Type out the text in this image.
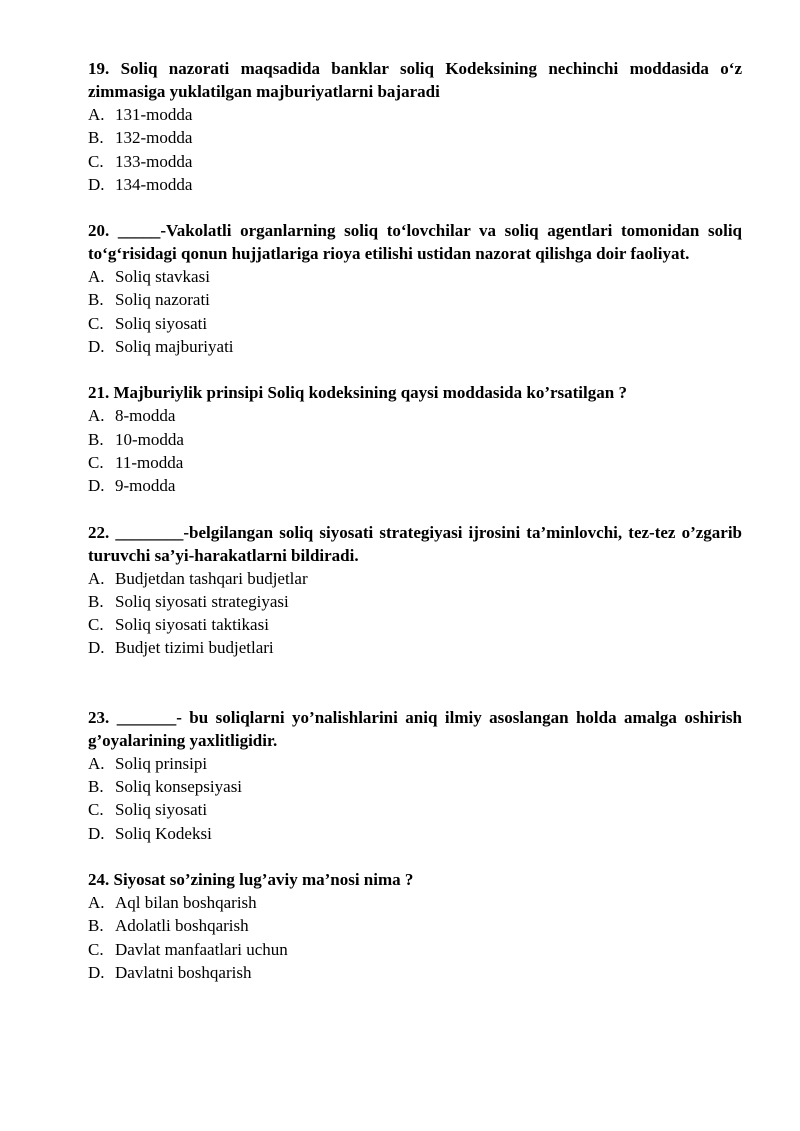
19. Soliq nazorati maqsadida banklar soliq Kodeksining nechinchi moddasida o‘z zimmasiga yuklatilgan majburiyatlarni bajaradi

A. 131-modda
B. 132-modda
C. 133-modda
D. 134-modda

20. _____-Vakolatli organlarning soliq to‘lovchilar va soliq agentlari tomonidan soliq to‘g‘risidagi qonun hujjatlariga rioya etilishi ustidan nazorat qilishga doir faoliyat.

A. Soliq stavkasi
B. Soliq nazorati
C. Soliq siyosati
D. Soliq majburiyati

21. Majburiylik prinsipi Soliq kodeksining qaysi moddasida ko’rsatilgan ?

A. 8-modda
B. 10-modda
C. 11-modda
D. 9-modda

22. ________-belgilangan soliq siyosati strategiyasi ijrosini ta’minlovchi, tez-tez o’zgarib turuvchi sa’yi-harakatlarni bildiradi.

A. Budjetdan tashqari budjetlar
B. Soliq siyosati strategiyasi
C. Soliq siyosati taktikasi
D. Budjet tizimi budjetlari

23. _______- bu soliqlarni yo’nalishlarini aniq ilmiy asoslangan holda amalga oshirish g’oyalarining yaxlitligidir.

A. Soliq prinsipi
B. Soliq konsepsiyasi
C. Soliq siyosati
D. Soliq Kodeksi

24. Siyosat so’zining lug’aviy ma’nosi nima ?

A. Aql bilan boshqarish
B. Adolatli boshqarish
C. Davlat manfaatlari uchun
D. Davlatni boshqarish
